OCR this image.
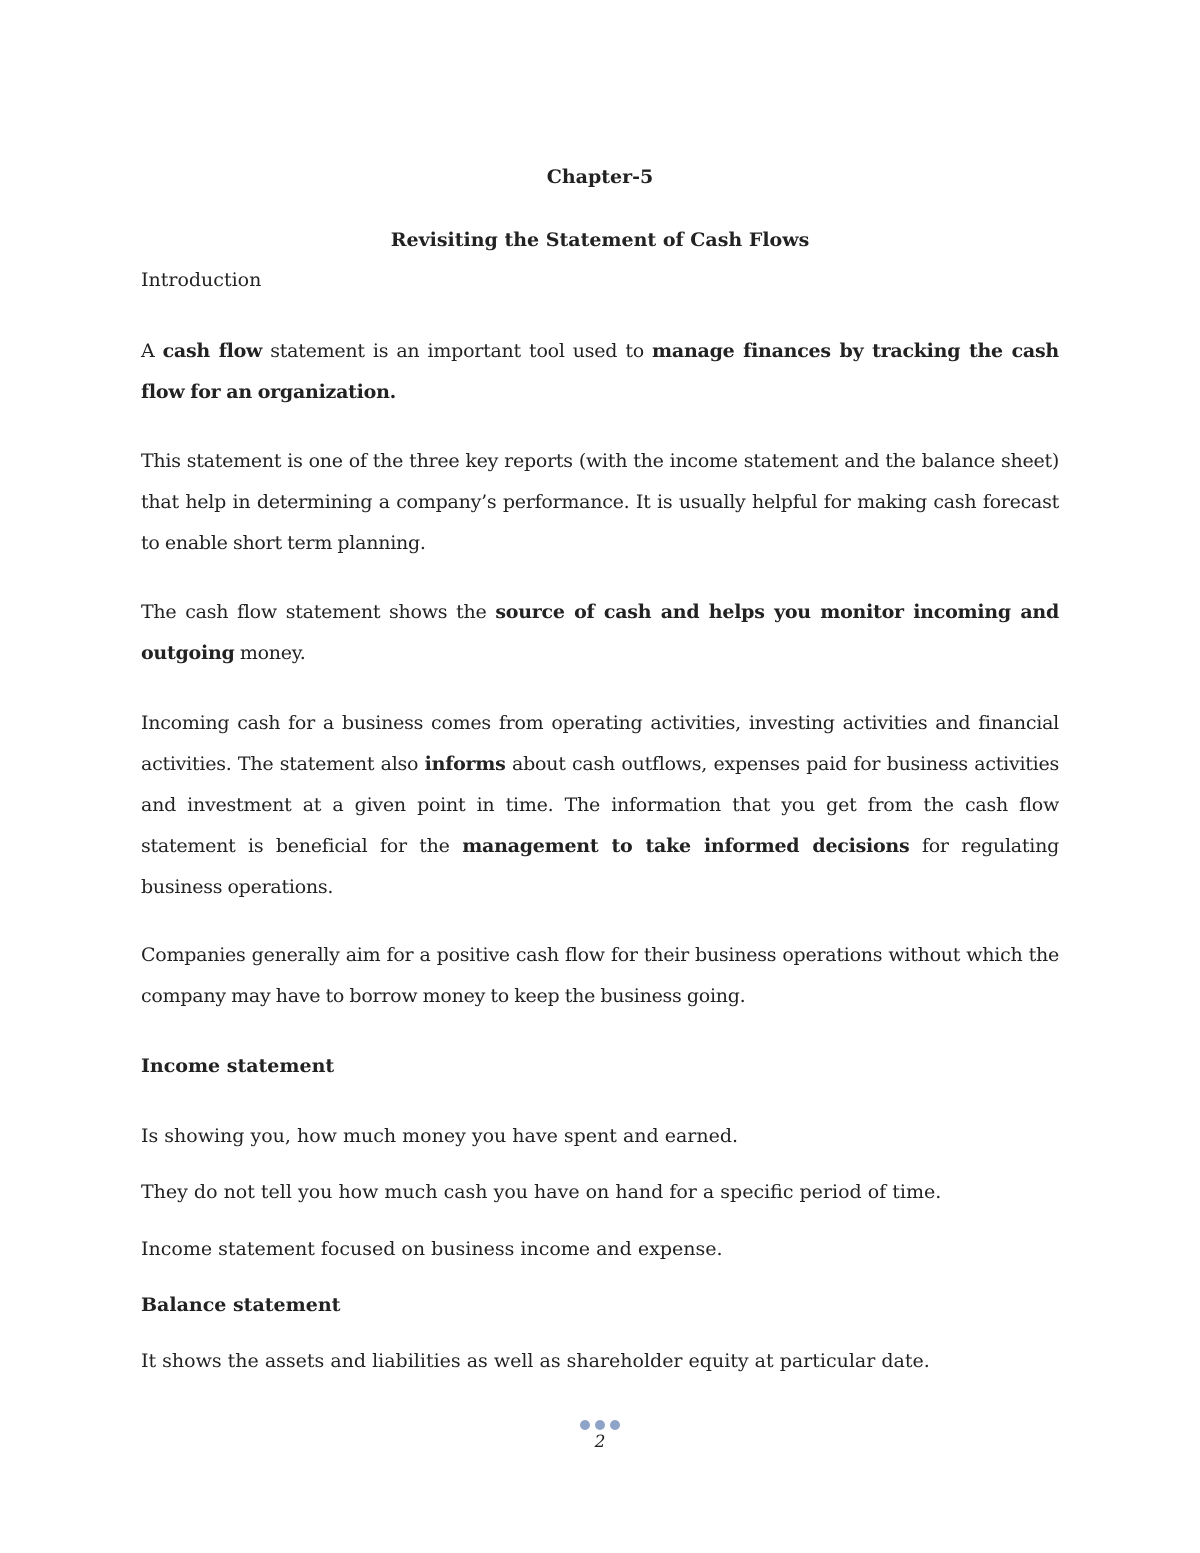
Chapter-5
Revisiting the Statement of Cash Flows
Introduction

A cash flow statement is an important tool used to manage finances by tracking the cash flow for an organization.

This statement is one of the three key reports (with the income statement and the balance sheet) that help in determining a company’s performance. It is usually helpful for making cash forecast to enable short term planning.

The cash flow statement shows the source of cash and helps you monitor incoming and outgoing money.

Incoming cash for a business comes from operating activities, investing activities and financial activities. The statement also informs about cash outflows, expenses paid for business activities and investment at a given point in time. The information that you get from the cash flow statement is beneficial for the management to take informed decisions for regulating business operations.

Companies generally aim for a positive cash flow for their business operations without which the company may have to borrow money to keep the business going.

Income statement
Is showing you, how much money you have spent and earned.
They do not tell you how much cash you have on hand for a specific period of time.
Income statement focused on business income and expense.
Balance statement
It shows the assets and liabilities as well as shareholder equity at particular date.
2
